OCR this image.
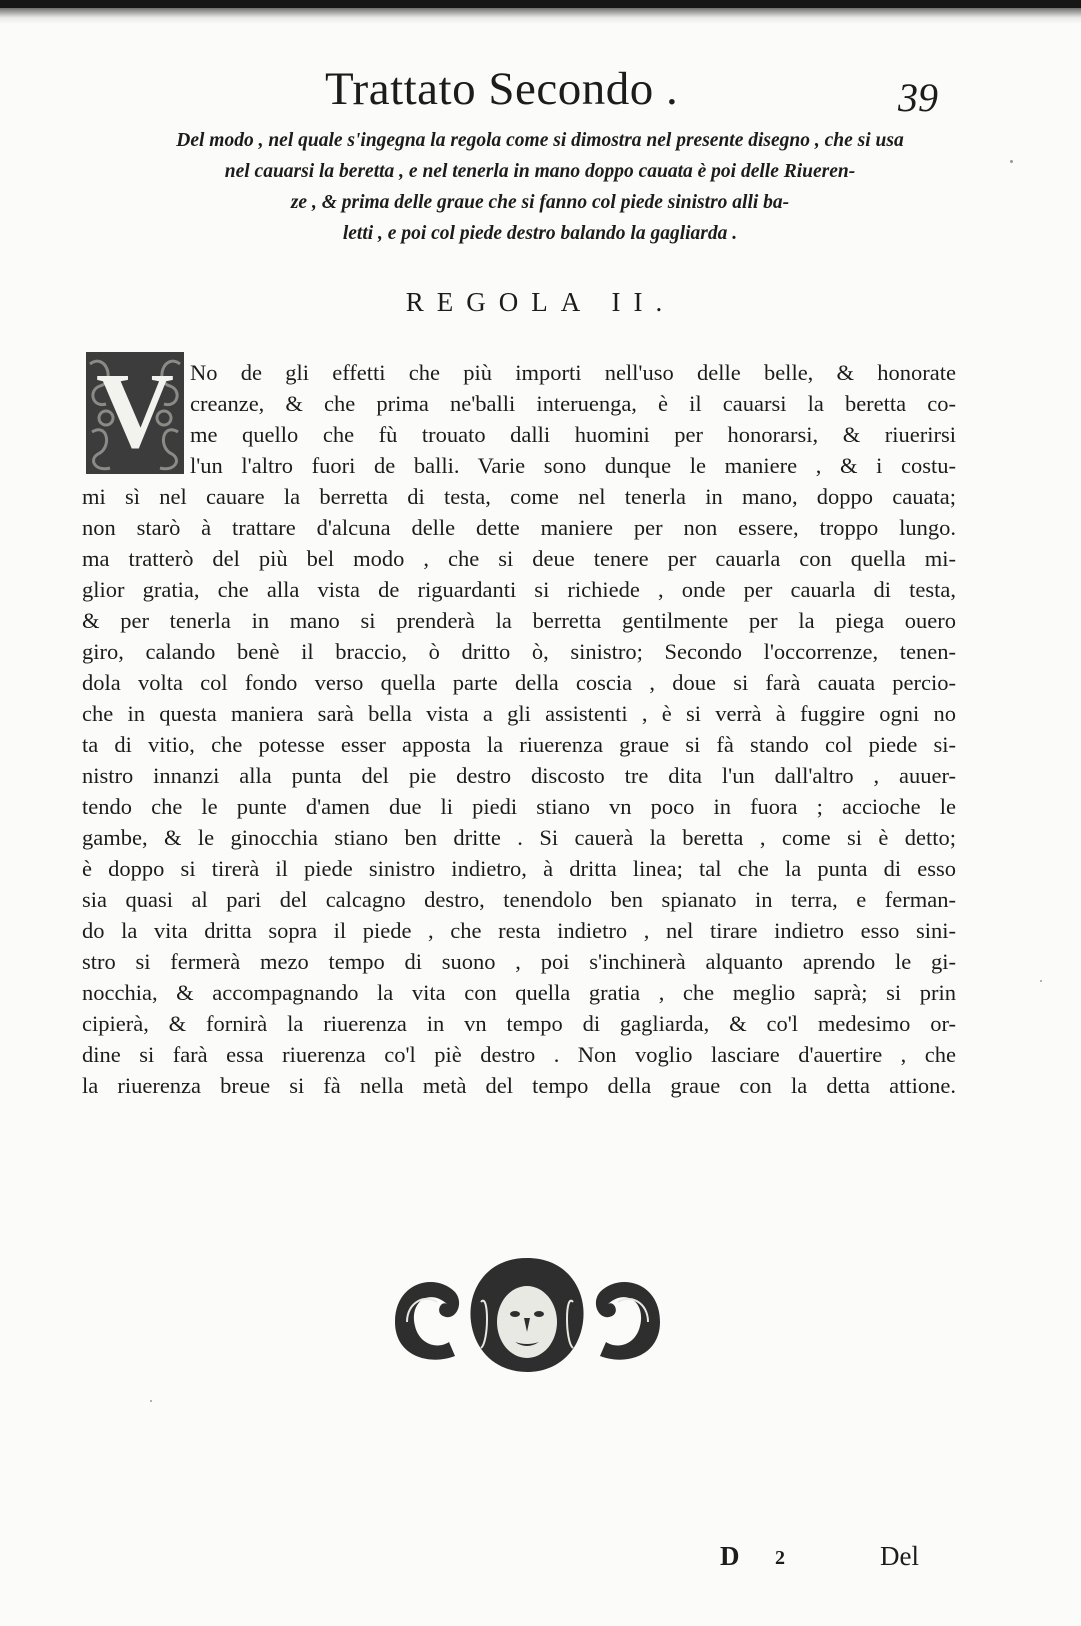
Trattato Secondo .	39
Del modo , nel quale s'ingegna la regola come si dimostra nel presente disegno , che si usa
nel cauarsi la beretta , e nel tenerla in mano doppo cauata è poi delle Riueren-
ze , & prima delle graue che si fanno col piede sinistro alli ba-
letti , e poi col piede destro balando la gagliarda .
REGOLA II.
V No de gli effetti che più importi nell'uso delle belle, & honorate
creanze, & che prima ne'balli interuenga, è il cauarsi la beretta co-
me quello che fù trouato dalli huomini per honorarsi, & riuerirsi
l'un l'altro fuori de balli. Varie sono dunque le maniere , & i costu-
mi sì nel cauare la berretta di testa, come nel tenerla in mano, doppo cauata;
non starò à trattare d'alcuna delle dette maniere per non essere, troppo lungo.
ma tratterò del più bel modo , che si deue tenere per cauarla con quella mi-
glior gratia, che alla vista de riguardanti si richiede , onde per cauarla di testa,
& per tenerla in mano si prenderà la berretta gentilmente per la piega ouero
giro, calando benè il braccio, ò dritto ò, sinistro; Secondo l'occorrenze, tenen-
dola volta col fondo verso quella parte della coscia , doue si farà cauata percio-
che in questa maniera sarà bella vista a gli assistenti , è si verrà à fuggire ogni no
ta di vitio, che potesse esser apposta la riuerenza graue si fà stando col piede si-
nistro innanzi alla punta del pie destro discosto tre dita l'un dall'altro , auuer-
tendo che le punte d'amen due li piedi stiano vn poco in fuora ; accioche le
gambe, & le ginocchia stiano ben dritte . Si cauerà la beretta , come si è detto;
è doppo si tirerà il piede sinistro indietro, à dritta linea; tal che la punta di esso
sia quasi al pari del calcagno destro, tenendolo ben spianato in terra, e ferman-
do la vita dritta sopra il piede , che resta indietro , nel tirare indietro esso sini-
stro si fermerà mezo tempo di suono , poi s'inchinerà alquanto aprendo le gi-
nocchia, & accompagnando la vita con quella gratia , che meglio saprà; si prin
cipierà, & fornirà la riuerenza in vn tempo di gagliarda, & co'l medesimo or-
dine si farà essa riuerenza co'l piè destro . Non voglio lasciare d'auertire , che
la riuerenza breue si fà nella metà del tempo della graue con la detta attione.
D 2	Del
